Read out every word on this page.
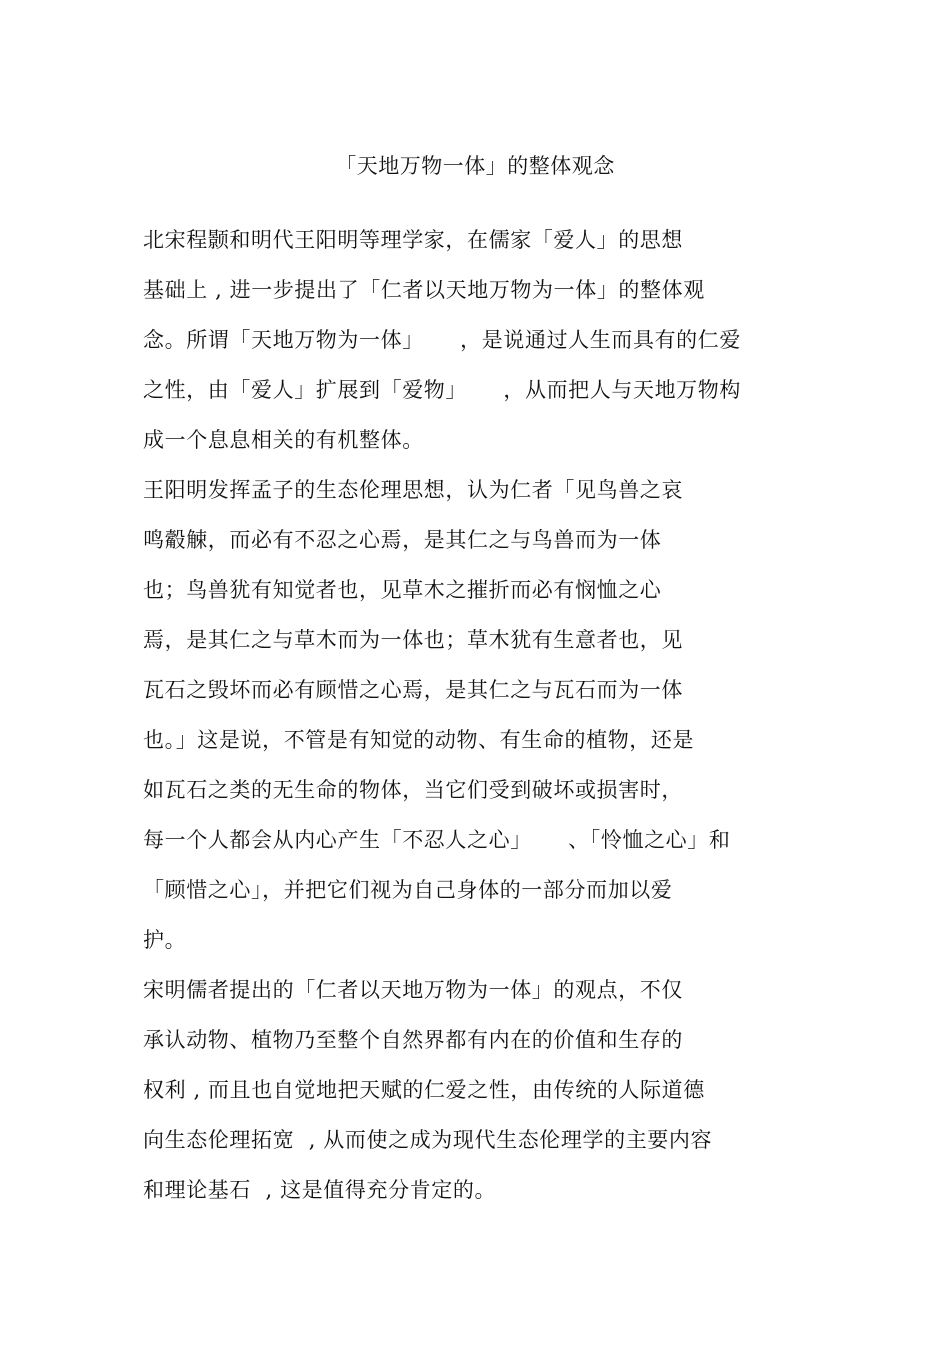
「天地万物一体」的整体观念
北宋程颢和明代王阳明等理学家，在儒家「爱人」的思想
基础上 , 进一步提出了「仁者以天地万物为一体」的整体观
念。所谓「天地万物为一体」     ，是说通过人生而具有的仁爱
之性，由「爱人」扩展到「爱物」     ，从而把人与天地万物构
成一个息息相关的有机整体。
王阳明发挥孟子的生态伦理思想，认为仁者「见鸟兽之哀
鸣觳觫，而必有不忍之心焉，是其仁之与鸟兽而为一体
也；鸟兽犹有知觉者也，见草木之摧折而必有悯恤之心
焉，是其仁之与草木而为一体也；草木犹有生意者也，见
瓦石之毁坏而必有顾惜之心焉，是其仁之与瓦石而为一体
也。」这是说，不管是有知觉的动物、有生命的植物，还是
如瓦石之类的无生命的物体，当它们受到破坏或损害时，
每一个人都会从内心产生「不忍人之心」     、「怜恤之心」和
「顾惜之心」，并把它们视为自己身体的一部分而加以爱
护。
宋明儒者提出的「仁者以天地万物为一体」的观点，不仅
承认动物、植物乃至整个自然界都有内在的价值和生存的
权利 , 而且也自觉地把天赋的仁爱之性，由传统的人际道德
向生态伦理拓宽  , 从而使之成为现代生态伦理学的主要内容
和理论基石  , 这是值得充分肯定的。
